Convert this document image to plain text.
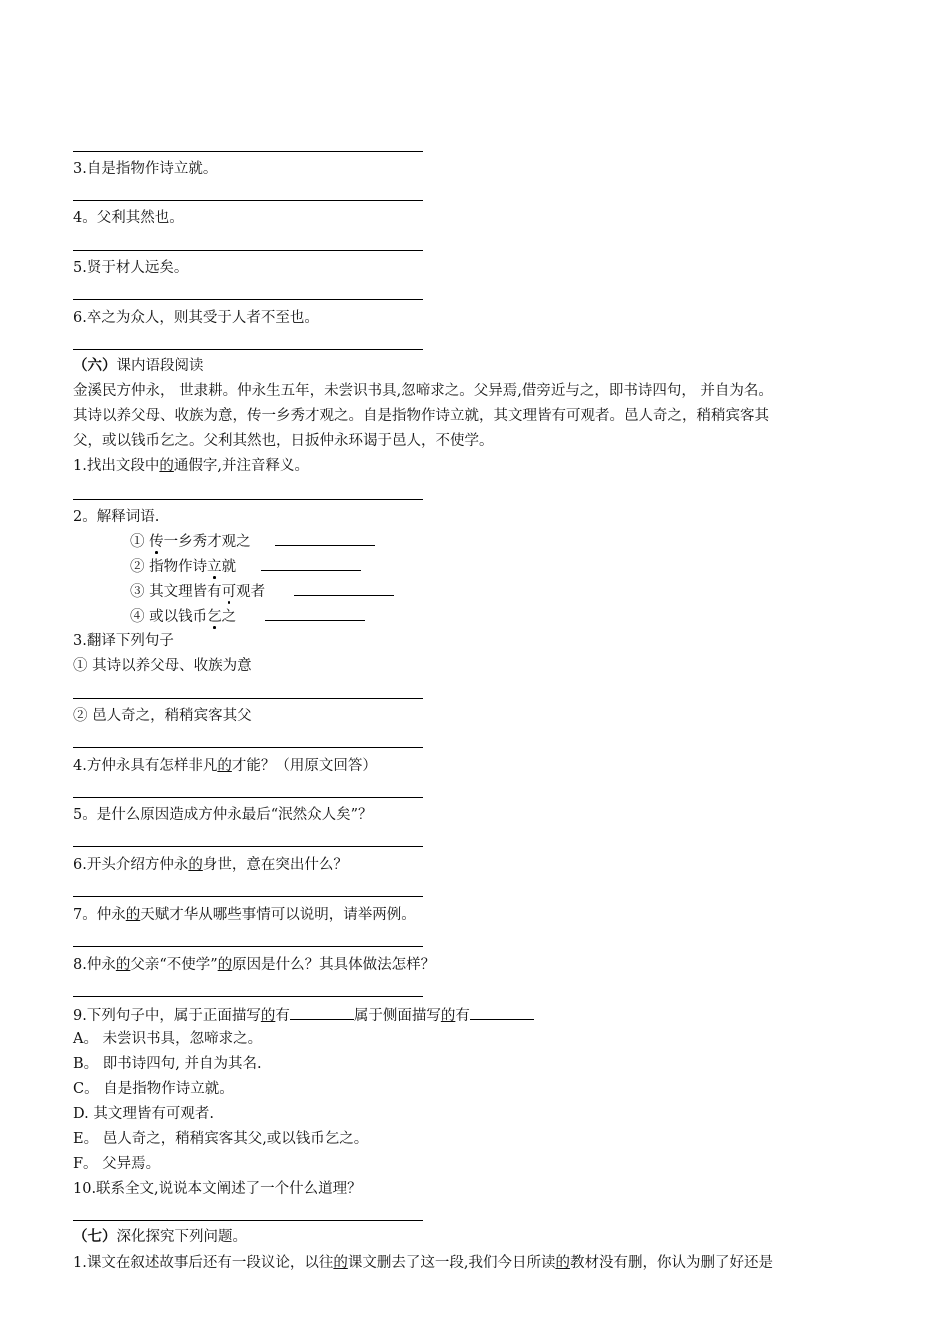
3.自是指物作诗立就。
4。父利其然也。
5.贤于材人远矣。
6.卒之为众人，则其受于人者不至也。

（六）课内语段阅读

金溪民方仲永， 世隶耕。仲永生五年，未尝识书具,忽啼求之。父异焉,借旁近与之，即书诗四句， 并自为名。

其诗以养父母、收族为意，传一乡秀才观之。自是指物作诗立就，其文理皆有可观者。邑人奇之，稍稍宾客其

父，或以钱币乞之。父利其然也，日扳仲永环谒于邑人，不使学。

1.找出文段中的通假字,并注音释义。

2。解释词语.
① 传一乡秀才观之
② 指物作诗立就
③ 其文理皆有可观者
④ 或以钱币乞之
3.翻译下列句子
① 其诗以养父母、收族为意
② 邑人奇之，稍稍宾客其父
4.方仲永具有怎样非凡的才能？（用原文回答）
5。是什么原因造成方仲永最后“泯然众人矣”？
6.开头介绍方仲永的身世，意在突出什么？
7。仲永的天赋才华从哪些事情可以说明，请举两例。
8.仲永的父亲“不使学”的原因是什么？其具体做法怎样？
9.下列句子中，属于正面描写的有	属于侧面描写的有
A。 未尝识书具，忽啼求之。
B。 即书诗四句, 并自为其名.
C。 自是指物作诗立就。
D. 其文理皆有可观者.
E。 邑人奇之，稍稍宾客其父,或以钱币乞之。
F。 父异焉。
10.联系全文,说说本文阐述了一个什么道理？
（七）深化探究下列问题。
1.课文在叙述故事后还有一段议论，以往的课文删去了这一段,我们今日所读的教材没有删，你认为删了好还是
